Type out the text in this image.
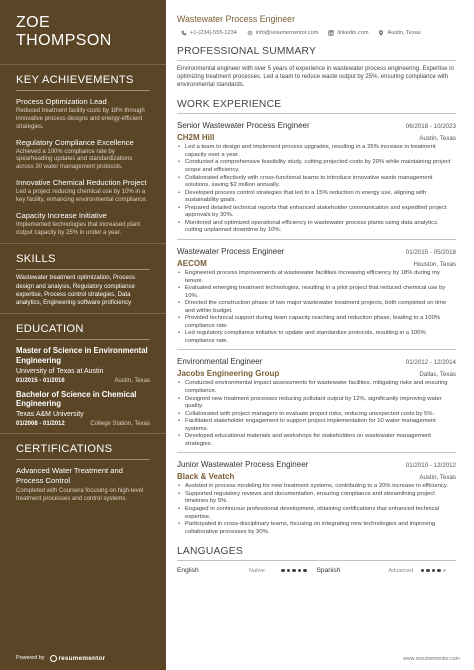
ZOE THOMPSON
KEY ACHIEVEMENTS
Process Optimization Lead
Reduced treatment facility costs by 18% through innovative process designs and energy-efficient strategies.
Regulatory Compliance Excellence
Achieved a 100% compliance rate by spearheading updates and standardizations across 30 water management protocols.
Innovative Chemical Reduction Project
Led a project reducing chemical use by 10% in a key facility, enhancing environmental compliance.
Capacity Increase Initiative
Implemented technologies that increased plant output capacity by 25% in under a year.
SKILLS
Wastewater treatment optimization, Process design and analysis, Regulatory compliance expertise, Process control strategies, Data analytics, Engineering software proficiency
EDUCATION
Master of Science in Environmental Engineering
University of Texas at Austin
01/2015 - 01/2016	Austin, Texas
Bachelor of Science in Chemical Engineering
Texas A&M University
01/2008 - 01/2012	College Station, Texas
CERTIFICATIONS
Advanced Water Treatment and Process Control
Completed with Coursera focusing on high-level treatment processes and control systems.
Powered by	resumementor
Wastewater Process Engineer
+1-(234)-555-1234	info@resumementor.com	linkedin.com	Austin, Texas
PROFESSIONAL SUMMARY
Environmental engineer with over 5 years of experience in wastewater process engineering. Expertise in optimizing treatment processes. Led a team to reduce waste output by 25%, ensuring compliance with environmental standards.
WORK EXPERIENCE
Senior Wastewater Process Engineer	06/2018 - 10/2023
CH2M Hill	Austin, Texas
• Led a team to design and implement process upgrades, resulting in a 25% increase in treatment capacity over a year.
• Conducted a comprehensive feasibility study, cutting projected costs by 20% while maintaining project scope and efficiency.
• Collaborated effectively with cross-functional teams to introduce innovative waste management solutions, saving $2 million annually.
• Developed process control strategies that led to a 15% reduction in energy use, aligning with sustainability goals.
• Prepared detailed technical reports that enhanced stakeholder communication and expedited project approvals by 30%.
• Monitored and optimized operational efficiency in wastewater process plants using data analytics, cutting unplanned downtime by 10%.
Wastewater Process Engineer	01/2015 - 05/2018
AECOM	Houston, Texas
• Engineered process improvements at wastewater facilities increasing efficiency by 18% during my tenure.
• Evaluated emerging treatment technologies, resulting in a pilot project that reduced chemical use by 10%.
• Directed the construction phase of two major wastewater treatment projects, both completed on time and within budget.
• Provided technical support during team capacity reaching and reduction phase, leading to a 100% compliance rate.
• Led regulatory compliance initiative to update and standardize protocols, resulting in a 100% compliance rate.
Environmental Engineer	01/2012 - 12/2014
Jacobs Engineering Group	Dallas, Texas
• Conducted environmental impact assessments for wastewater facilities, mitigating risks and ensuring compliance.
• Designed new treatment processes reducing pollutant output by 12%, significantly improving water quality.
• Collaborated with project managers to evaluate project risks, reducing unexpected costs by 5%.
• Facilitated stakeholder engagement to support project implementation for 10 water management systems.
• Developed educational materials and workshops for stakeholders on wastewater management strategies.
Junior Wastewater Process Engineer	01/2010 - 12/2012
Black & Veatch	Austin, Texas
• Assisted in process modeling for new treatment systems, contributing to a 20% increase in efficiency.
• Supported regulatory reviews and documentation, ensuring compliance and streamlining project timelines by 5%.
• Engaged in continuous professional development, obtaining certifications that enhanced technical expertise.
• Participated in cross-disciplinary teams, focusing on integrating new technologies and improving collaborative processes by 30%.
LANGUAGES
English	Native	Spanish	Advanced
www.resumementor.com
